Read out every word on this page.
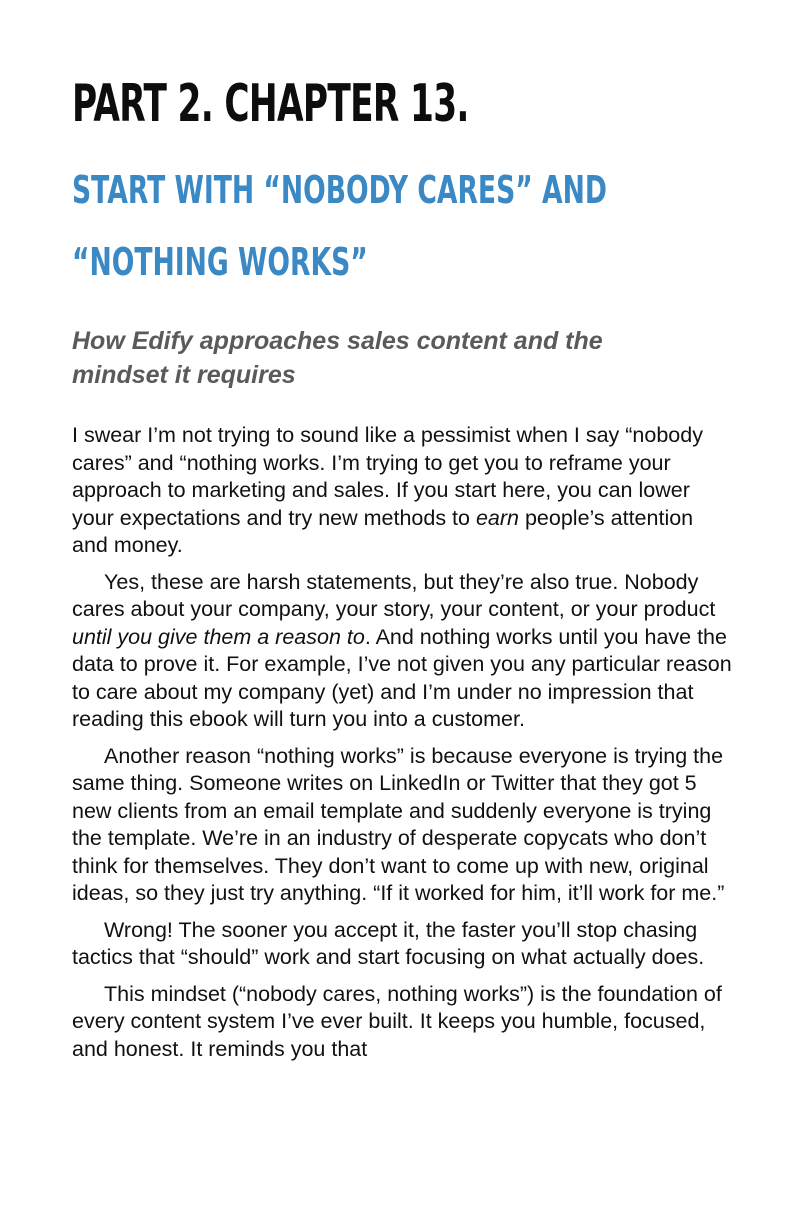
PART 2. CHAPTER 13.
START WITH “NOBODY CARES” AND
“NOTHING WORKS”

How Edify approaches sales content and the mindset it requires

I swear I’m not trying to sound like a pessimist when I say “nobody cares” and “nothing works. I’m trying to get you to reframe your approach to marketing and sales. If you start here, you can lower your expectations and try new methods to earn people’s attention and money.

Yes, these are harsh statements, but they’re also true. Nobody cares about your company, your story, your content, or your product until you give them a reason to. And nothing works until you have the data to prove it. For example, I’ve not given you any particular reason to care about my company (yet) and I’m under no impression that reading this ebook will turn you into a customer.

Another reason “nothing works” is because everyone is trying the same thing. Someone writes on LinkedIn or Twitter that they got 5 new clients from an email template and suddenly everyone is trying the template. We’re in an industry of desperate copycats who don’t think for themselves. They don’t want to come up with new, original ideas, so they just try anything. “If it worked for him, it’ll work for me.”

Wrong! The sooner you accept it, the faster you’ll stop chasing tactics that “should” work and start focusing on what actually does.

This mindset (“nobody cares, nothing works”) is the foundation of every content system I’ve ever built. It keeps you humble, focused, and honest. It reminds you that
